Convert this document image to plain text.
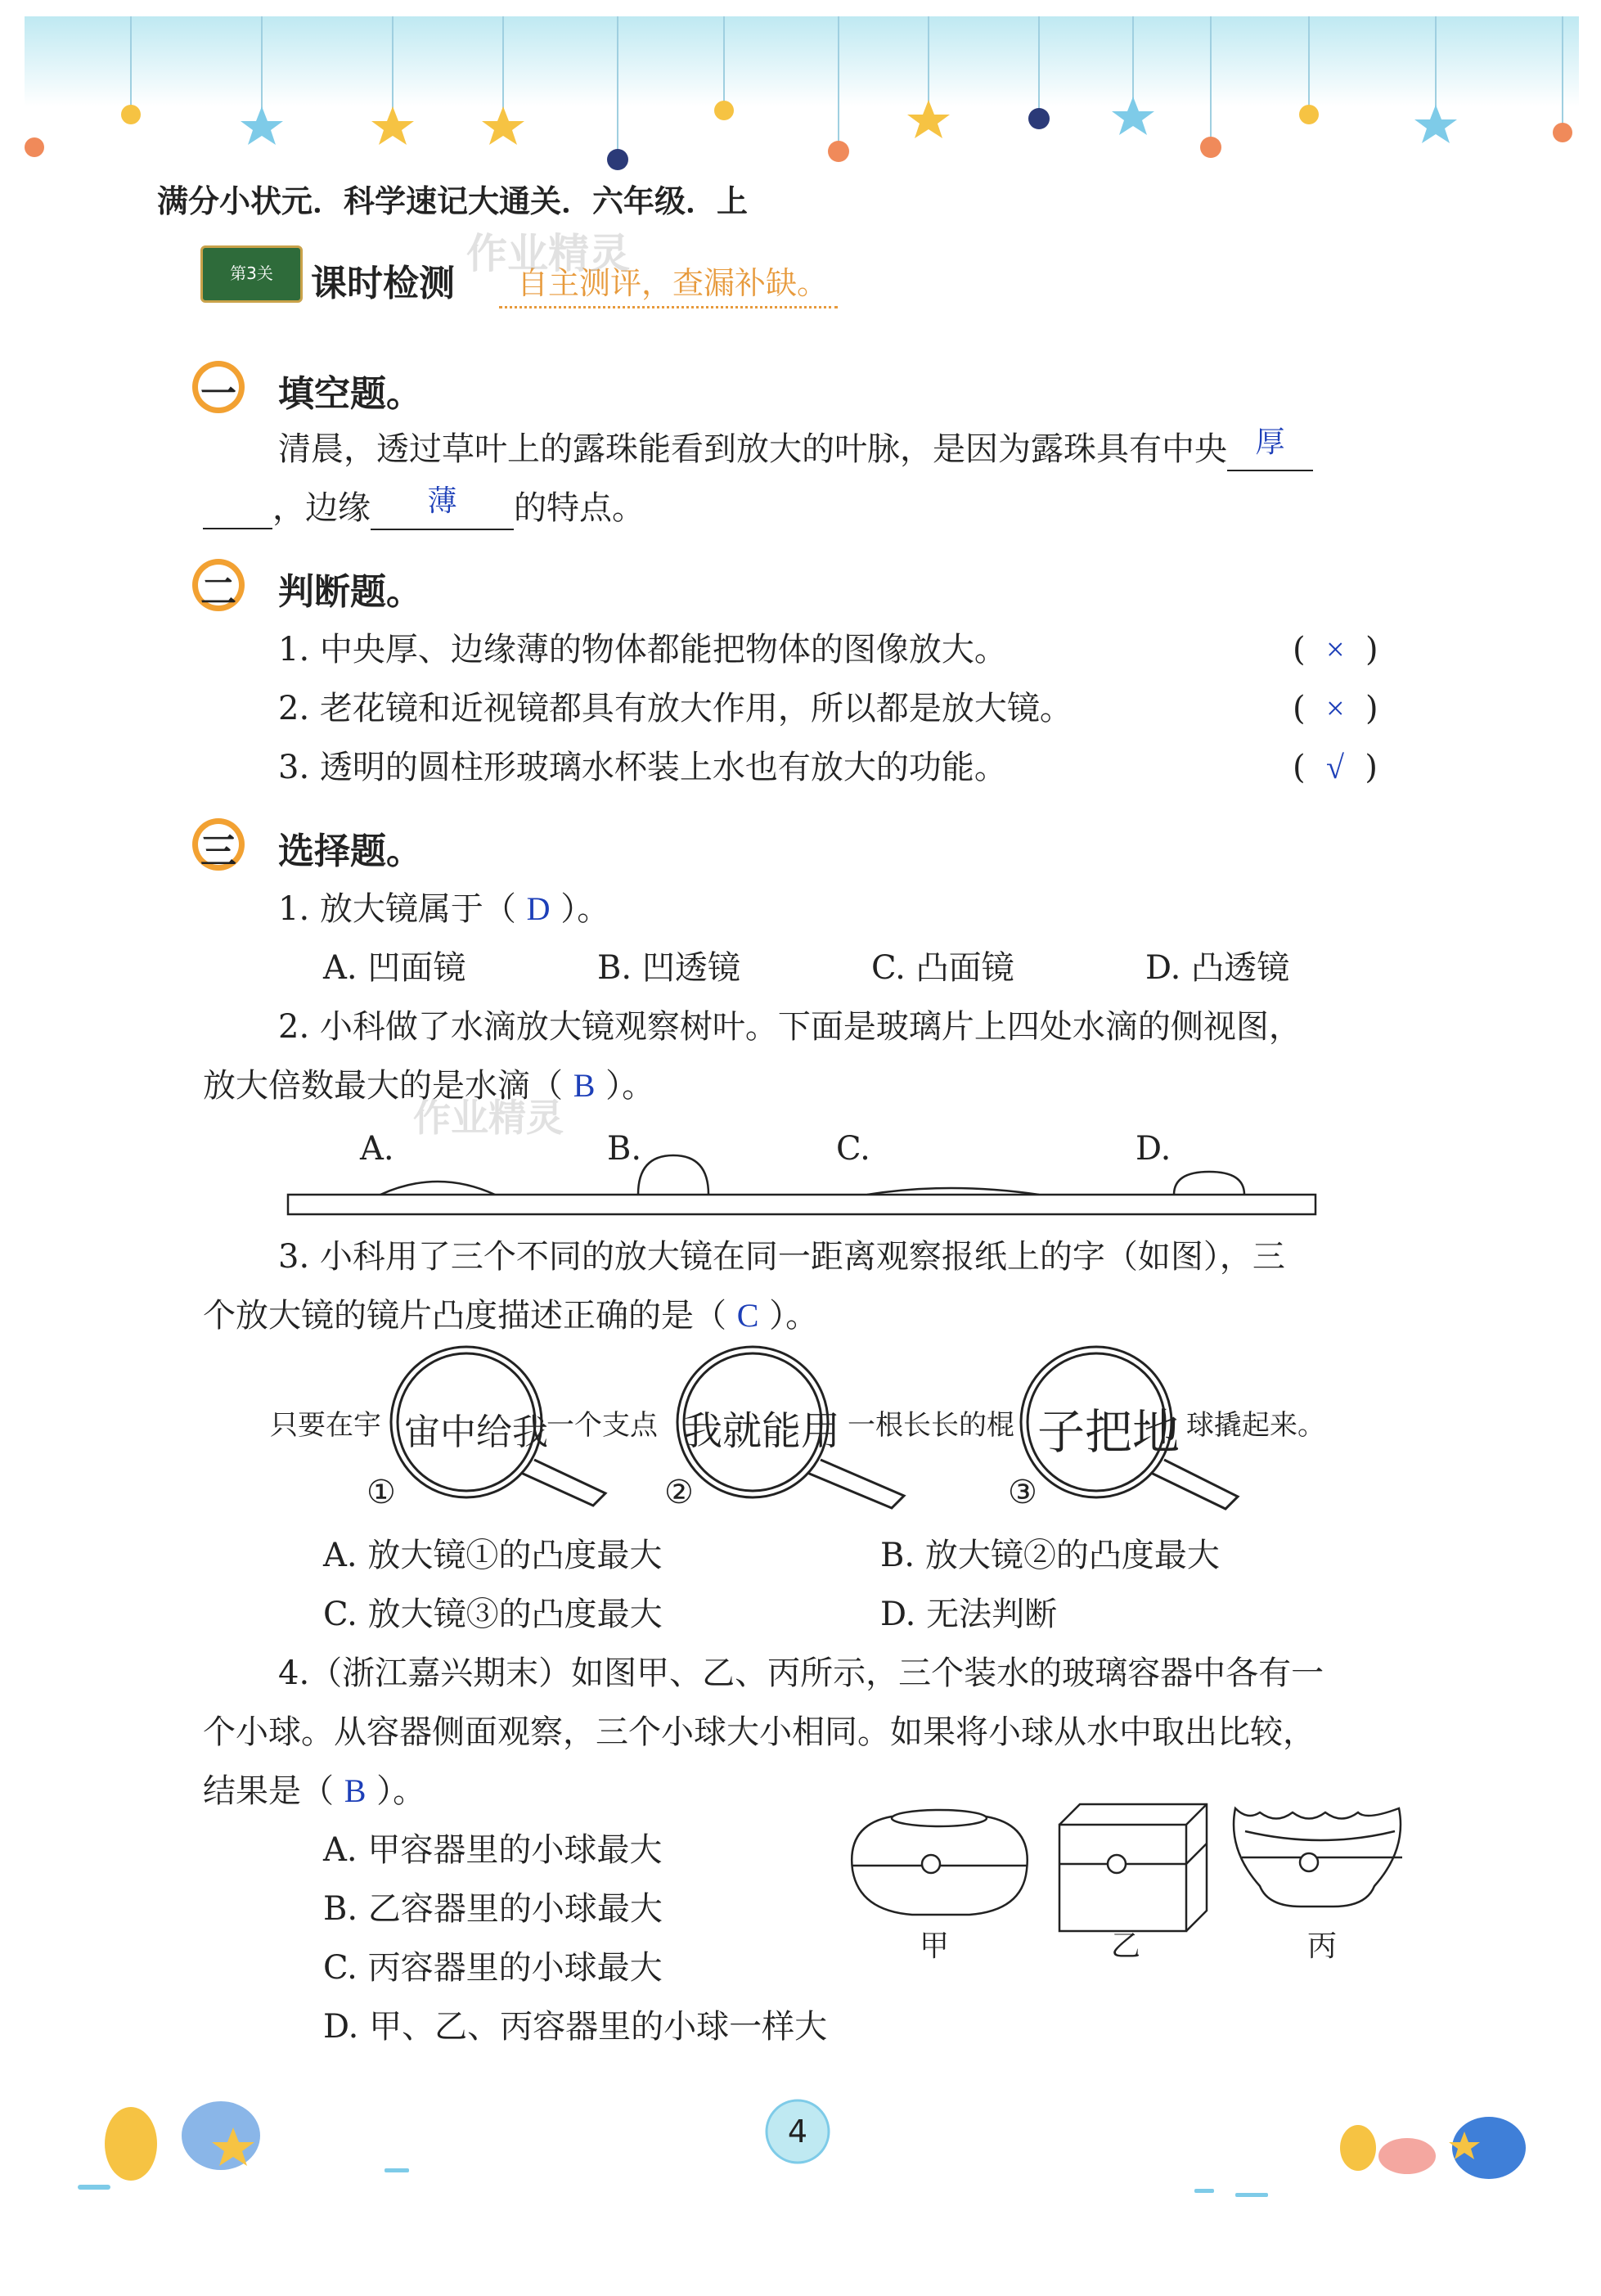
满分小状元．科学速记大通关．六年级．上
第3关	课时检测	自主测评，查漏补缺。
作业精灵
一 填空题。
清晨，透过草叶上的露珠能看到放大的叶脉，是因为露珠具有中央 厚
，边缘 薄 的特点。
二 判断题。
1. 中央厚、边缘薄的物体都能把物体的图像放大。	(  ×  )
2. 老花镜和近视镜都具有放大作用，所以都是放大镜。	(  ×  )
3. 透明的圆柱形玻璃水杯装上水也有放大的功能。	(  √  )
三 选择题。
1. 放大镜属于（ D ）。
A. 凹面镜	B. 凹透镜	C. 凸面镜	D. 凸透镜
2. 小科做了水滴放大镜观察树叶。下面是玻璃片上四处水滴的侧视图，
放大倍数最大的是水滴（ B ）。
作业精灵
A.	B.	C.	D.
3. 小科用了三个不同的放大镜在同一距离观察报纸上的字（如图），三
个放大镜的镜片凸度描述正确的是（ C ）。
只要在宇 宙中给我
一个支点 我就能用 一根长长的棍 子把地 球撬起来。
①	②	③
A. 放大镜①的凸度最大	B. 放大镜②的凸度最大
C. 放大镜③的凸度最大	D. 无法判断
4.（浙江嘉兴期末）如图甲、乙、丙所示，三个装水的玻璃容器中各有一
个小球。从容器侧面观察，三个小球大小相同。如果将小球从水中取出比较，
结果是（ B ）。
A. 甲容器里的小球最大
B. 乙容器里的小球最大
C. 丙容器里的小球最大
D. 甲、乙、丙容器里的小球一样大
甲	乙	丙
4
